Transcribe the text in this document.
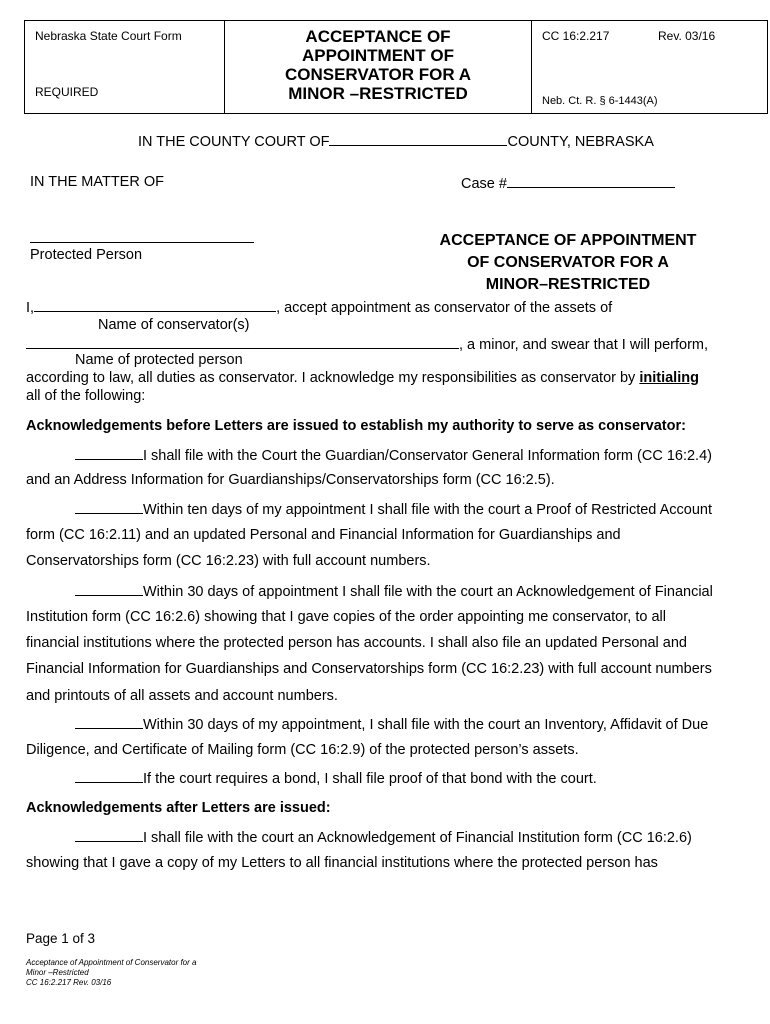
Nebraska State Court Form
REQUIRED
ACCEPTANCE OF
APPOINTMENT OF
CONSERVATOR FOR A
MINOR –RESTRICTED
CC 16:2.217	Rev. 03/16
Neb. Ct. R. § 6-1443(A)
IN THE COUNTY COURT OF	COUNTY, NEBRASKA
IN THE MATTER OF	Case #
Protected Person
ACCEPTANCE OF APPOINTMENT
OF CONSERVATOR FOR A
MINOR–RESTRICTED
I,	, accept appointment as conservator of the assets of
Name of conservator(s)
, a minor, and swear that I will perform,
Name of protected person
according to law, all duties as conservator. I acknowledge my responsibilities as conservator by initialing
all of the following:
Acknowledgements before Letters are issued to establish my authority to serve as conservator:
I shall file with the Court the Guardian/Conservator General Information form (CC 16:2.4)
and an Address Information for Guardianships/Conservatorships form (CC 16:2.5).
Within ten days of my appointment I shall file with the court a Proof of Restricted Account
form (CC 16:2.11) and an updated Personal and Financial Information for Guardianships and
Conservatorships form (CC 16:2.23) with full account numbers.
Within 30 days of appointment I shall file with the court an Acknowledgement of Financial
Institution form (CC 16:2.6) showing that I gave copies of the order appointing me conservator, to all
financial institutions where the protected person has accounts. I shall also file an updated Personal and
Financial Information for Guardianships and Conservatorships form (CC 16:2.23) with full account numbers
and printouts of all assets and account numbers.
Within 30 days of my appointment, I shall file with the court an Inventory, Affidavit of Due
Diligence, and Certificate of Mailing form (CC 16:2.9) of the protected person’s assets.
If the court requires a bond, I shall file proof of that bond with the court.
Acknowledgements after Letters are issued:
I shall file with the court an Acknowledgement of Financial Institution form (CC 16:2.6)
showing that I gave a copy of my Letters to all financial institutions where the protected person has
Page 1 of 3
Acceptance of Appointment of Conservator for a
Minor –Restricted
CC 16:2.217 Rev. 03/16
